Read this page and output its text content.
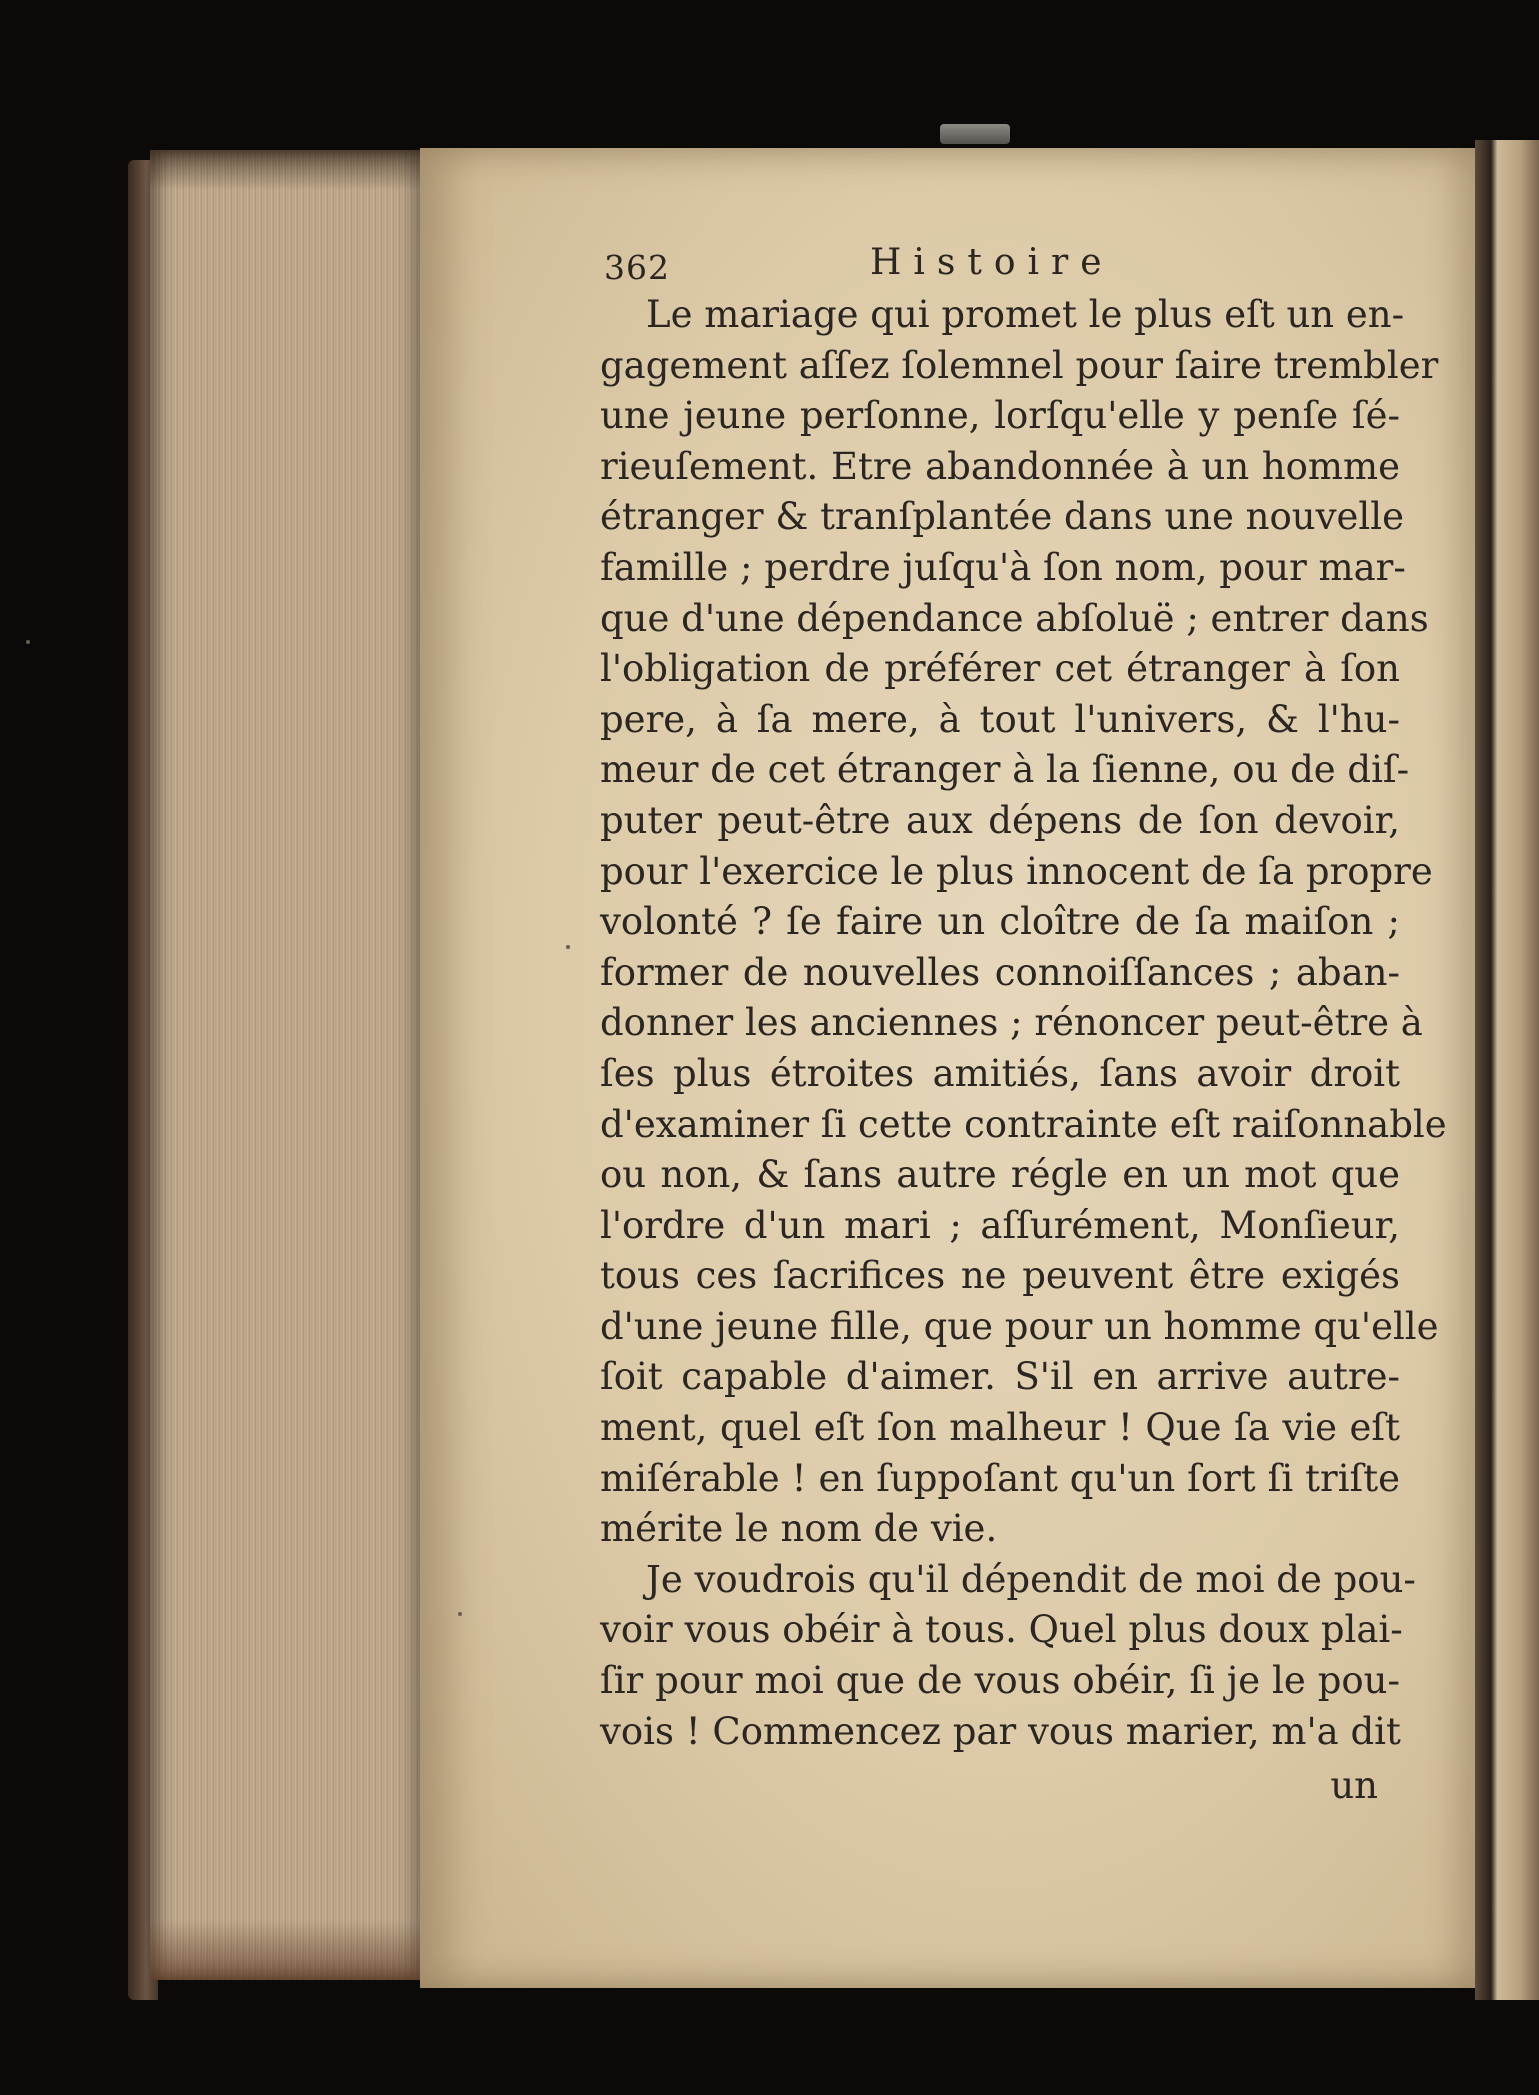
362	Histoire

Le mariage qui promet le plus eſt un en-
gagement aſſez ſolemnel pour ſaire trembler
une jeune perſonne, lorſqu'elle y penſe ſé-
rieuſement. Etre abandonnée à un homme
étranger & tranſplantée dans une nouvelle
famille ; perdre juſqu'à ſon nom, pour mar-
que d'une dépendance abſoluë ; entrer dans
l'obligation de préférer cet étranger à ſon
pere, à ſa mere, à tout l'univers, & l'hu-
meur de cet étranger à la ſienne, ou de diſ-
puter peut-être aux dépens de ſon devoir,
pour l'exercice le plus innocent de ſa propre
volonté ? ſe faire un cloître de ſa maiſon ;
former de nouvelles connoiſſances ; aban-
donner les anciennes ; rénoncer peut-être à
ſes plus étroites amitiés, ſans avoir droit
d'examiner ſi cette contrainte eſt raiſonnable
ou non, & ſans autre régle en un mot que
l'ordre d'un mari ; aſſurément, Monſieur,
tous ces ſacrifices ne peuvent être exigés
d'une jeune fille, que pour un homme qu'elle
ſoit capable d'aimer. S'il en arrive autre-
ment, quel eſt ſon malheur ! Que ſa vie eſt
miſérable ! en ſuppoſant qu'un ſort ſi triſte
mérite le nom de vie.

Je voudrois qu'il dépendit de moi de pou-
voir vous obéir à tous. Quel plus doux plai-
ſir pour moi que de vous obéir, ſi je le pou-
vois ! Commencez par vous marier, m'a dit

un
